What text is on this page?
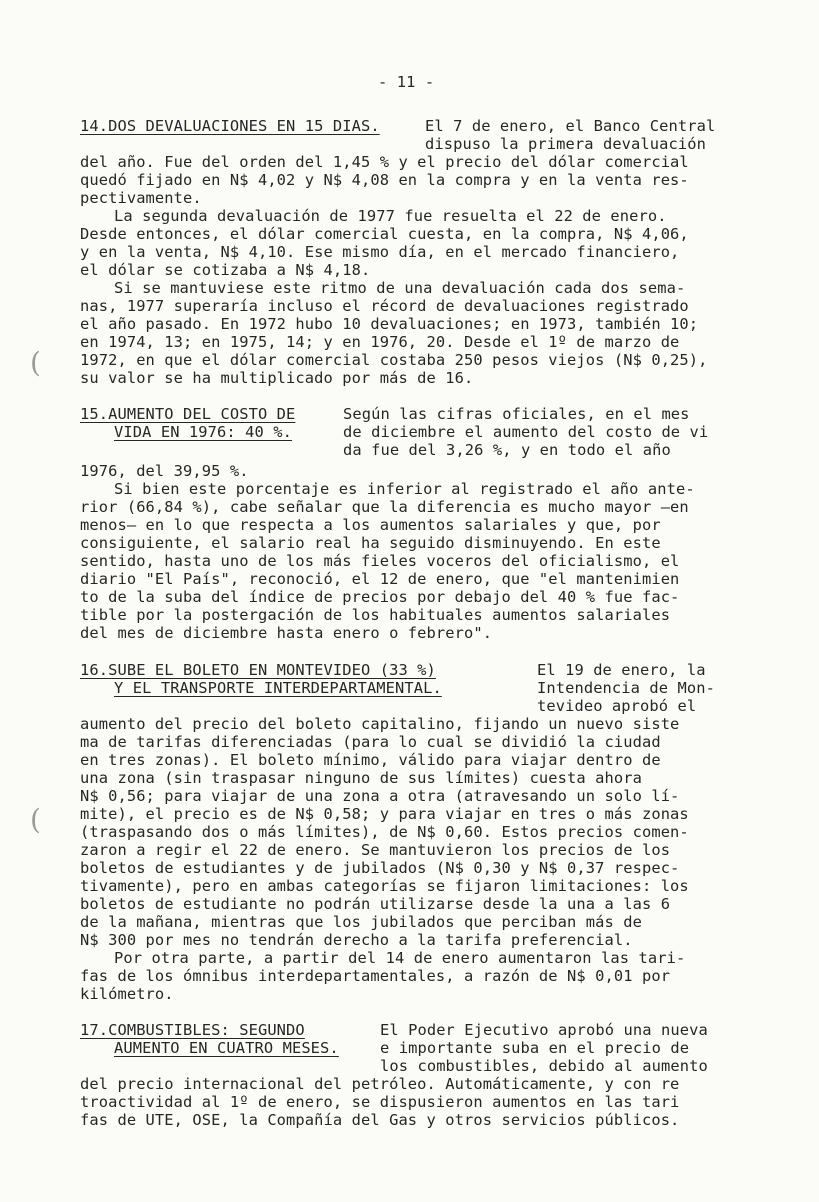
- 11 -

14.DOS DEVALUACIONES EN 15 DIAS.	El 7 de enero, el Banco Central

dispuso la primera devaluación

del año. Fue del orden del 1,45 % y el precio del dólar comercial

quedó fijado en N$ 4,02 y N$ 4,08 en la compra y en la venta res-

pectivamente.

La segunda devaluación de 1977 fue resuelta el 22 de enero.

Desde entonces, el dólar comercial cuesta, en la compra, N$ 4,06,

y en la venta, N$ 4,10. Ese mismo día, en el mercado financiero,

el dólar se cotizaba a N$ 4,18.

Si se mantuviese este ritmo de una devaluación cada dos sema-

nas, 1977 superaría incluso el récord de devaluaciones registrado

el año pasado. En 1972 hubo 10 devaluaciones; en 1973, también 10;

en 1974, 13; en 1975, 14; y en 1976, 20. Desde el 1º de marzo de

1972, en que el dólar comercial costaba 250 pesos viejos (N$ 0,25),

su valor se ha multiplicado por más de 16.

15.AUMENTO DEL COSTO DE

VIDA EN 1976: 40 %.

Según las cifras oficiales, en el mes

de diciembre el aumento del costo de vi

da fue del 3,26 %, y en todo el año

1976, del 39,95 %.

Si bien este porcentaje es inferior al registrado el año ante-

rior (66,84 %), cabe señalar que la diferencia es mucho mayor —en

menos— en lo que respecta a los aumentos salariales y que, por

consiguiente, el salario real ha seguido disminuyendo. En este

sentido, hasta uno de los más fieles voceros del oficialismo, el

diario "El País", reconoció, el 12 de enero, que "el mantenimien

to de la suba del índice de precios por debajo del 40 % fue fac-

tible por la postergación de los habituales aumentos salariales

del mes de diciembre hasta enero o febrero".

16.SUBE EL BOLETO EN MONTEVIDEO (33 %)

Y EL TRANSPORTE INTERDEPARTAMENTAL.

El 19 de enero, la

Intendencia de Mon-

tevideo aprobó el

aumento del precio del boleto capitalino, fijando un nuevo siste

ma de tarifas diferenciadas (para lo cual se dividió la ciudad

en tres zonas). El boleto mínimo, válido para viajar dentro de

una zona (sin traspasar ninguno de sus límites) cuesta ahora

N$ 0,56; para viajar de una zona a otra (atravesando un solo lí-

mite), el precio es de N$ 0,58; y para viajar en tres o más zonas

(traspasando dos o más límites), de N$ 0,60. Estos precios comen-

zaron a regir el 22 de enero. Se mantuvieron los precios de los

boletos de estudiantes y de jubilados (N$ 0,30 y N$ 0,37 respec-

tivamente), pero en ambas categorías se fijaron limitaciones: los

boletos de estudiante no podrán utilizarse desde la una a las 6

de la mañana, mientras que los jubilados que perciban más de

N$ 300 por mes no tendrán derecho a la tarifa preferencial.

Por otra parte, a partir del 14 de enero aumentaron las tari-

fas de los ómnibus interdepartamentales, a razón de N$ 0,01 por

kilómetro.

17.COMBUSTIBLES: SEGUNDO

AUMENTO EN CUATRO MESES.

El Poder Ejecutivo aprobó una nueva

e importante suba en el precio de

los combustibles, debido al aumento

del precio internacional del petróleo. Automáticamente, y con re

troactividad al 1º de enero, se dispusieron aumentos en las tari

fas de UTE, OSE, la Compañía del Gas y otros servicios públicos.

(
(
